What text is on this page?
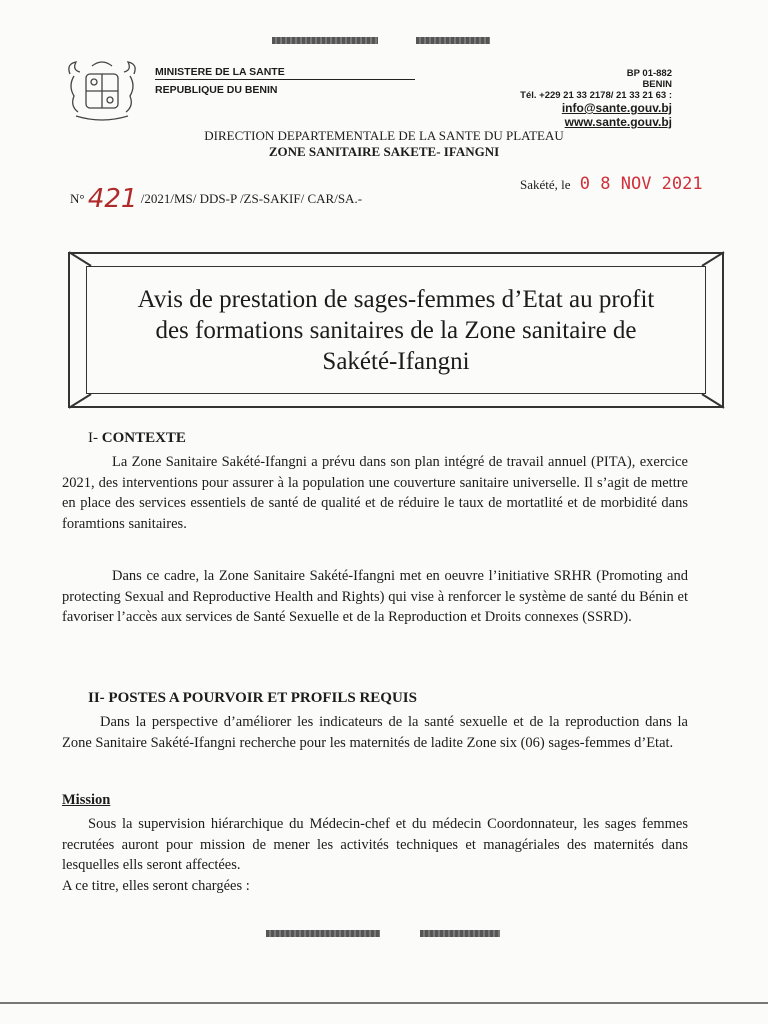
MINISTERE DE LA SANTE
REPUBLIQUE DU BENIN
BP 01-882
BENIN
Tél. +229 21 33 2178/ 21 33 21 63 :
info@sante.gouv.bj
www.sante.gouv.bj
DIRECTION DEPARTEMENTALE DE LA SANTE DU PLATEAU
ZONE SANITAIRE SAKETE- IFANGNI
N° 421 /2021/MS/ DDS-P /ZS-SAKIF/ CAR/SA.-
Sakété, le 0 8 NOV 2021
Avis de prestation de sages-femmes d’Etat au profit
des formations sanitaires de la Zone sanitaire de
Sakété-Ifangni
I- CONTEXTE
La Zone Sanitaire Sakété-Ifangni a prévu dans son plan intégré de travail annuel (PITA), exercice 2021, des interventions pour assurer à la population une couverture sanitaire universelle. Il s’agit de mettre en place des services essentiels de santé de qualité et de réduire le taux de mortatlité et de morbidité dans foramtions sanitaires.
Dans ce cadre, la Zone Sanitaire Sakété-Ifangni met en oeuvre l’initiative SRHR (Promoting and protecting Sexual and Reproductive Health and Rights) qui vise à renforcer le système de santé du Bénin et favoriser l’accès aux services de Santé Sexuelle et de la Reproduction et Droits connexes (SSRD).
II- POSTES A POURVOIR ET PROFILS REQUIS
Dans la perspective d’améliorer les indicateurs de la santé sexuelle et de la reproduction dans la Zone Sanitaire Sakété-Ifangni recherche pour les maternités de ladite Zone six (06) sages-femmes d’Etat.
Mission
Sous la supervision hiérarchique du Médecin-chef et du médecin Coordonnateur, les sages femmes recrutées auront pour mission de mener les activités techniques et managériales des maternités dans lesquelles ells seront affectées.
A ce titre, elles seront chargées :
